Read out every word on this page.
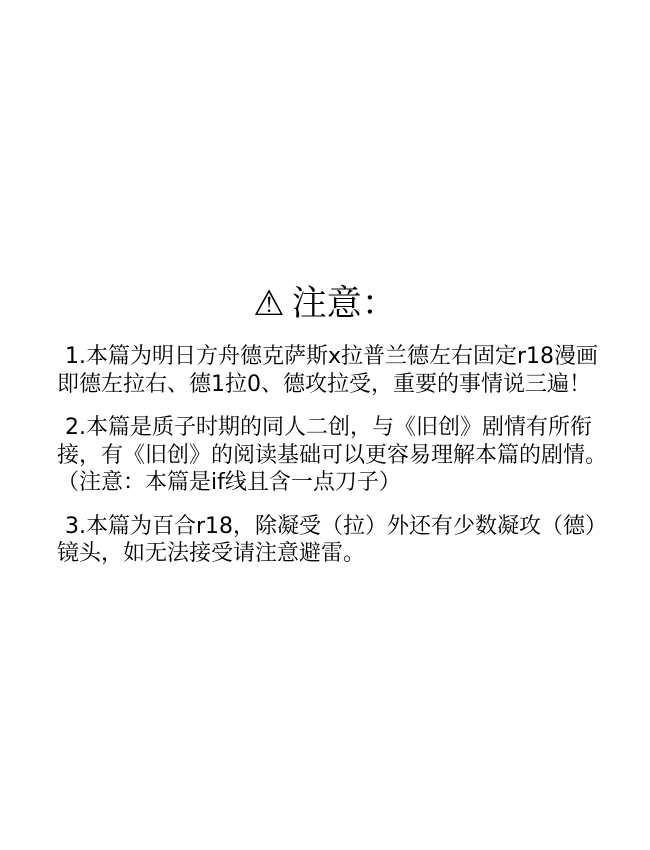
⚠ 注意：

1.本篇为明日方舟德克萨斯x拉普兰德左右固定r18漫画
即德左拉右、德1拉0、德攻拉受，重要的事情说三遍！

2.本篇是质子时期的同人二创，与《旧创》剧情有所衔
接，有《旧创》的阅读基础可以更容易理解本篇的剧情。
（注意：本篇是if线且含一点刀子）

3.本篇为百合r18，除凝受（拉）外还有少数凝攻（德）
镜头，如无法接受请注意避雷。
